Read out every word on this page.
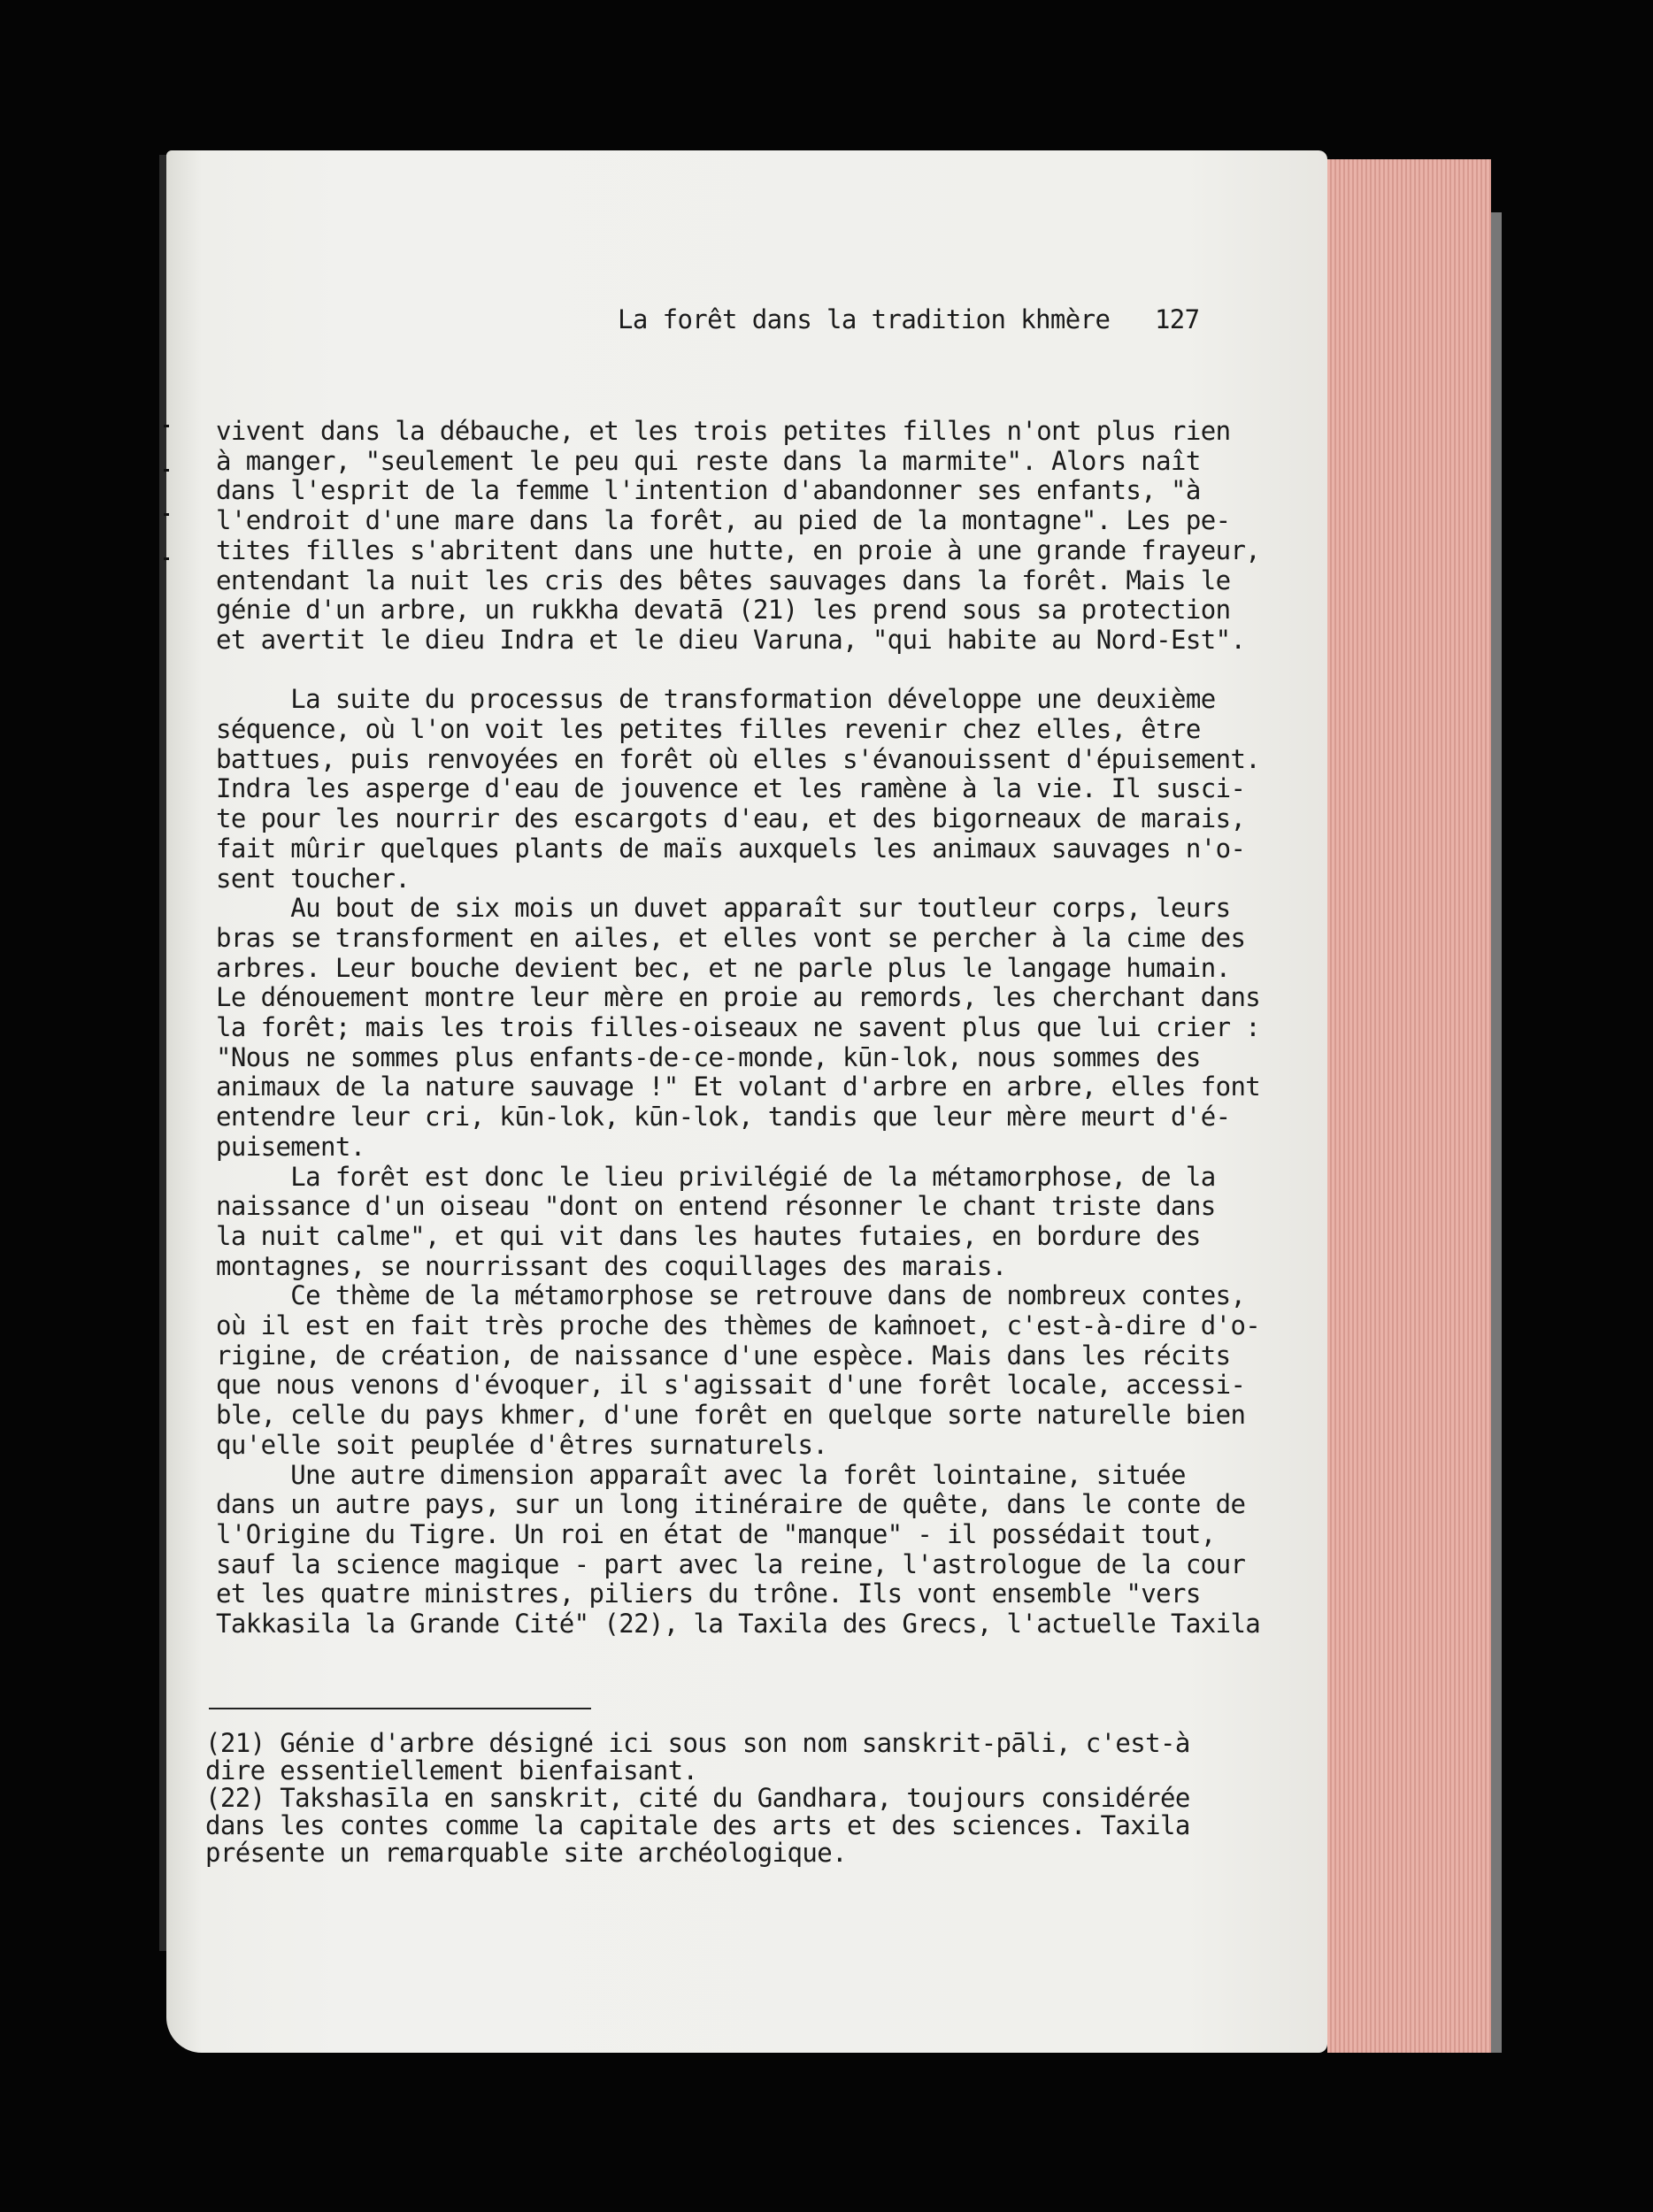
La forêt dans la tradition khmère   127
vivent dans la débauche, et les trois petites filles n'ont plus rien
à manger, "seulement le peu qui reste dans la marmite". Alors naît
dans l'esprit de la femme l'intention d'abandonner ses enfants, "à
l'endroit d'une mare dans la forêt, au pied de la montagne". Les pe-
tites filles s'abritent dans une hutte, en proie à une grande frayeur,
entendant la nuit les cris des bêtes sauvages dans la forêt. Mais le
génie d'un arbre, un rukkha devatā (21) les prend sous sa protection
et avertit le dieu Indra et le dieu Varuna, "qui habite au Nord-Est".
La suite du processus de transformation développe une deuxième
séquence, où l'on voit les petites filles revenir chez elles, être
battues, puis renvoyées en forêt où elles s'évanouissent d'épuisement.
Indra les asperge d'eau de jouvence et les ramène à la vie. Il susci-
te pour les nourrir des escargots d'eau, et des bigorneaux de marais,
fait mûrir quelques plants de maïs auxquels les animaux sauvages n'o-
sent toucher.
Au bout de six mois un duvet apparaît sur toutleur corps, leurs
bras se transforment en ailes, et elles vont se percher à la cime des
arbres. Leur bouche devient bec, et ne parle plus le langage humain.
Le dénouement montre leur mère en proie au remords, les cherchant dans
la forêt; mais les trois filles-oiseaux ne savent plus que lui crier :
"Nous ne sommes plus enfants-de-ce-monde, kūn-lok, nous sommes des
animaux de la nature sauvage !" Et volant d'arbre en arbre, elles font
entendre leur cri, kūn-lok, kūn-lok, tandis que leur mère meurt d'é-
puisement.
La forêt est donc le lieu privilégié de la métamorphose, de la
naissance d'un oiseau "dont on entend résonner le chant triste dans
la nuit calme", et qui vit dans les hautes futaies, en bordure des
montagnes, se nourrissant des coquillages des marais.
Ce thème de la métamorphose se retrouve dans de nombreux contes,
où il est en fait très proche des thèmes de kaṁnoet, c'est-à-dire d'o-
rigine, de création, de naissance d'une espèce. Mais dans les récits
que nous venons d'évoquer, il s'agissait d'une forêt locale, accessi-
ble, celle du pays khmer, d'une forêt en quelque sorte naturelle bien
qu'elle soit peuplée d'êtres surnaturels.
Une autre dimension apparaît avec la forêt lointaine, située
dans un autre pays, sur un long itinéraire de quête, dans le conte de
l'Origine du Tigre. Un roi en état de "manque" - il possédait tout,
sauf la science magique - part avec la reine, l'astrologue de la cour
et les quatre ministres, piliers du trône. Ils vont ensemble "vers
Takkasila la Grande Cité" (22), la Taxila des Grecs, l'actuelle Taxila
(21) Génie d'arbre désigné ici sous son nom sanskrit-pāli, c'est-à
dire essentiellement bienfaisant.
(22) Takshasīla en sanskrit, cité du Gandhara, toujours considérée
dans les contes comme la capitale des arts et des sciences. Taxila
présente un remarquable site archéologique.
